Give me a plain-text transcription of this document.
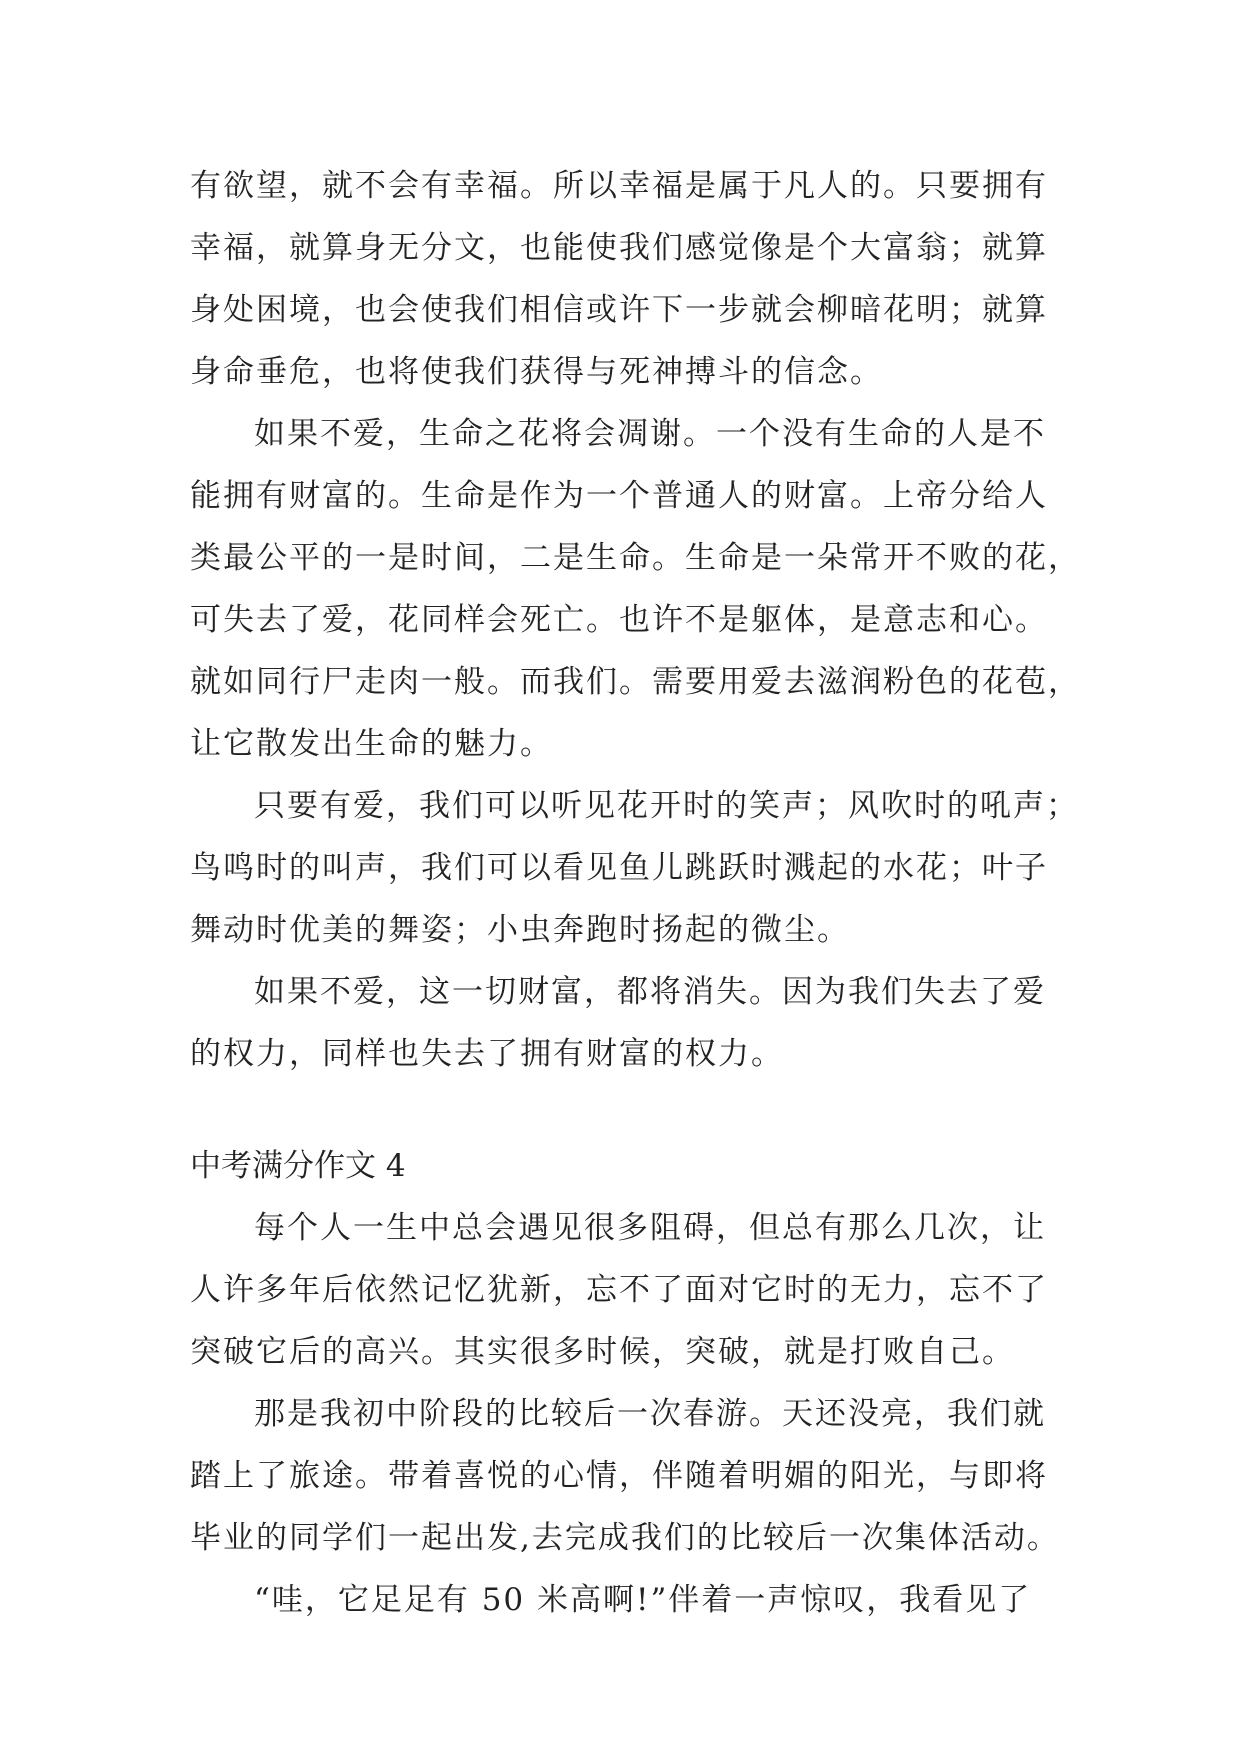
有欲望，就不会有幸福。所以幸福是属于凡人的。只要拥有
幸福，就算身无分文，也能使我们感觉像是个大富翁；就算
身处困境，也会使我们相信或许下一步就会柳暗花明；就算
身命垂危，也将使我们获得与死神搏斗的信念。
如果不爱，生命之花将会凋谢。一个没有生命的人是不
能拥有财富的。生命是作为一个普通人的财富。上帝分给人
类最公平的一是时间，二是生命。生命是一朵常开不败的花，
可失去了爱，花同样会死亡。也许不是躯体，是意志和心。
就如同行尸走肉一般。而我们。需要用爱去滋润粉色的花苞，
让它散发出生命的魅力。
只要有爱，我们可以听见花开时的笑声；风吹时的吼声；
鸟鸣时的叫声，我们可以看见鱼儿跳跃时溅起的水花；叶子
舞动时优美的舞姿；小虫奔跑时扬起的微尘。
如果不爱，这一切财富，都将消失。因为我们失去了爱
的权力，同样也失去了拥有财富的权力。
中考满分作文 4
每个人一生中总会遇见很多阻碍，但总有那么几次，让
人许多年后依然记忆犹新，忘不了面对它时的无力，忘不了
突破它后的高兴。其实很多时候，突破，就是打败自己。
那是我初中阶段的比较后一次春游。天还没亮，我们就
踏上了旅途。带着喜悦的心情，伴随着明媚的阳光，与即将
毕业的同学们一起出发,去完成我们的比较后一次集体活动。
“哇，它足足有 50 米高啊!”伴着一声惊叹，我看见了
